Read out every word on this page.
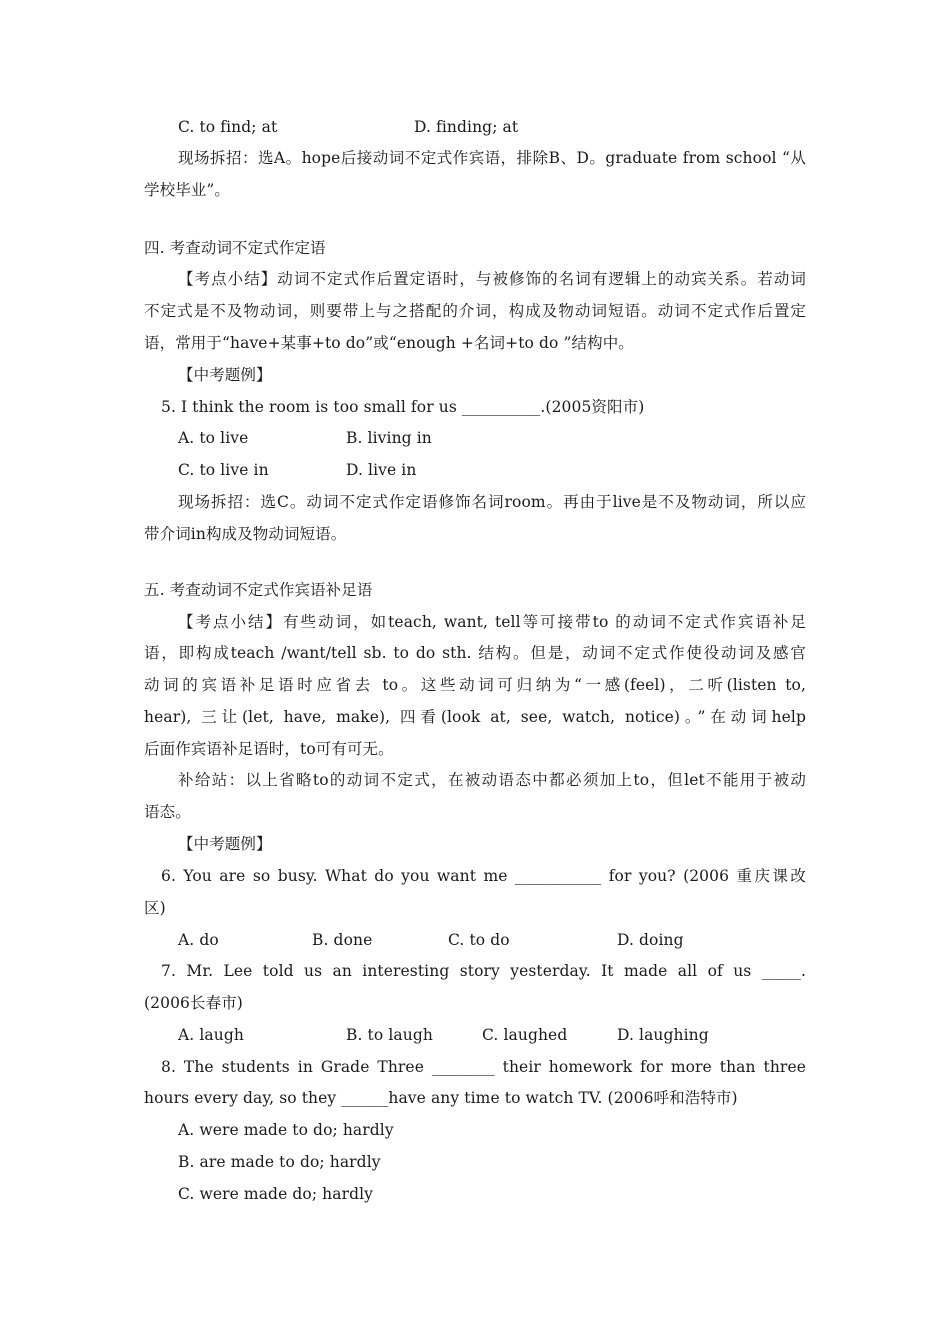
C. to find; at	D. finding; at
现场拆招：选A。hope后接动词不定式作宾语，排除B、D。graduate from school “从
学校毕业”。
四. 考查动词不定式作定语
【考点小结】动词不定式作后置定语时，与被修饰的名词有逻辑上的动宾关系。若动词
不定式是不及物动词，则要带上与之搭配的介词，构成及物动词短语。动词不定式作后置定
语，常用于“have+某事+to do”或“enough +名词+to do ”结构中。
【中考题例】
5. I think the room is too small for us __________.(2005资阳市)
A. to live	B. living in
C. to live in	D. live in
现场拆招：选C。动词不定式作定语修饰名词room。再由于live是不及物动词，所以应
带介词in构成及物动词短语。
五. 考查动词不定式作宾语补足语
【考点小结】有些动词，如teach, want, tell等可接带to 的动词不定式作宾语补足
语，即构成teach /want/tell sb. to do sth. 结构。但是，动词不定式作使役动词及感官
动词的宾语补足语时应省去 to。这些动词可归纳为“一感(feel)，二听(listen to,
hear), 三让(let, have, make), 四看(look at, see, watch, notice)。”在动词help
后面作宾语补足语时，to可有可无。
补给站：以上省略to的动词不定式，在被动语态中都必须加上to，但let不能用于被动
语态。
【中考题例】
6. You are so busy. What do you want me ___________ for you? (2006 重庆课改
区)
A. do	B. done	C. to do	D. doing
7. Mr. Lee told us an interesting story yesterday. It made all of us _____.
(2006长春市)
A. laugh	B. to laugh	C. laughed	D. laughing
8. The students in Grade Three ________ their homework for more than three
hours every day, so they ______have any time to watch TV. (2006呼和浩特市)
A. were made to do; hardly
B. are made to do; hardly
C. were made do; hardly
